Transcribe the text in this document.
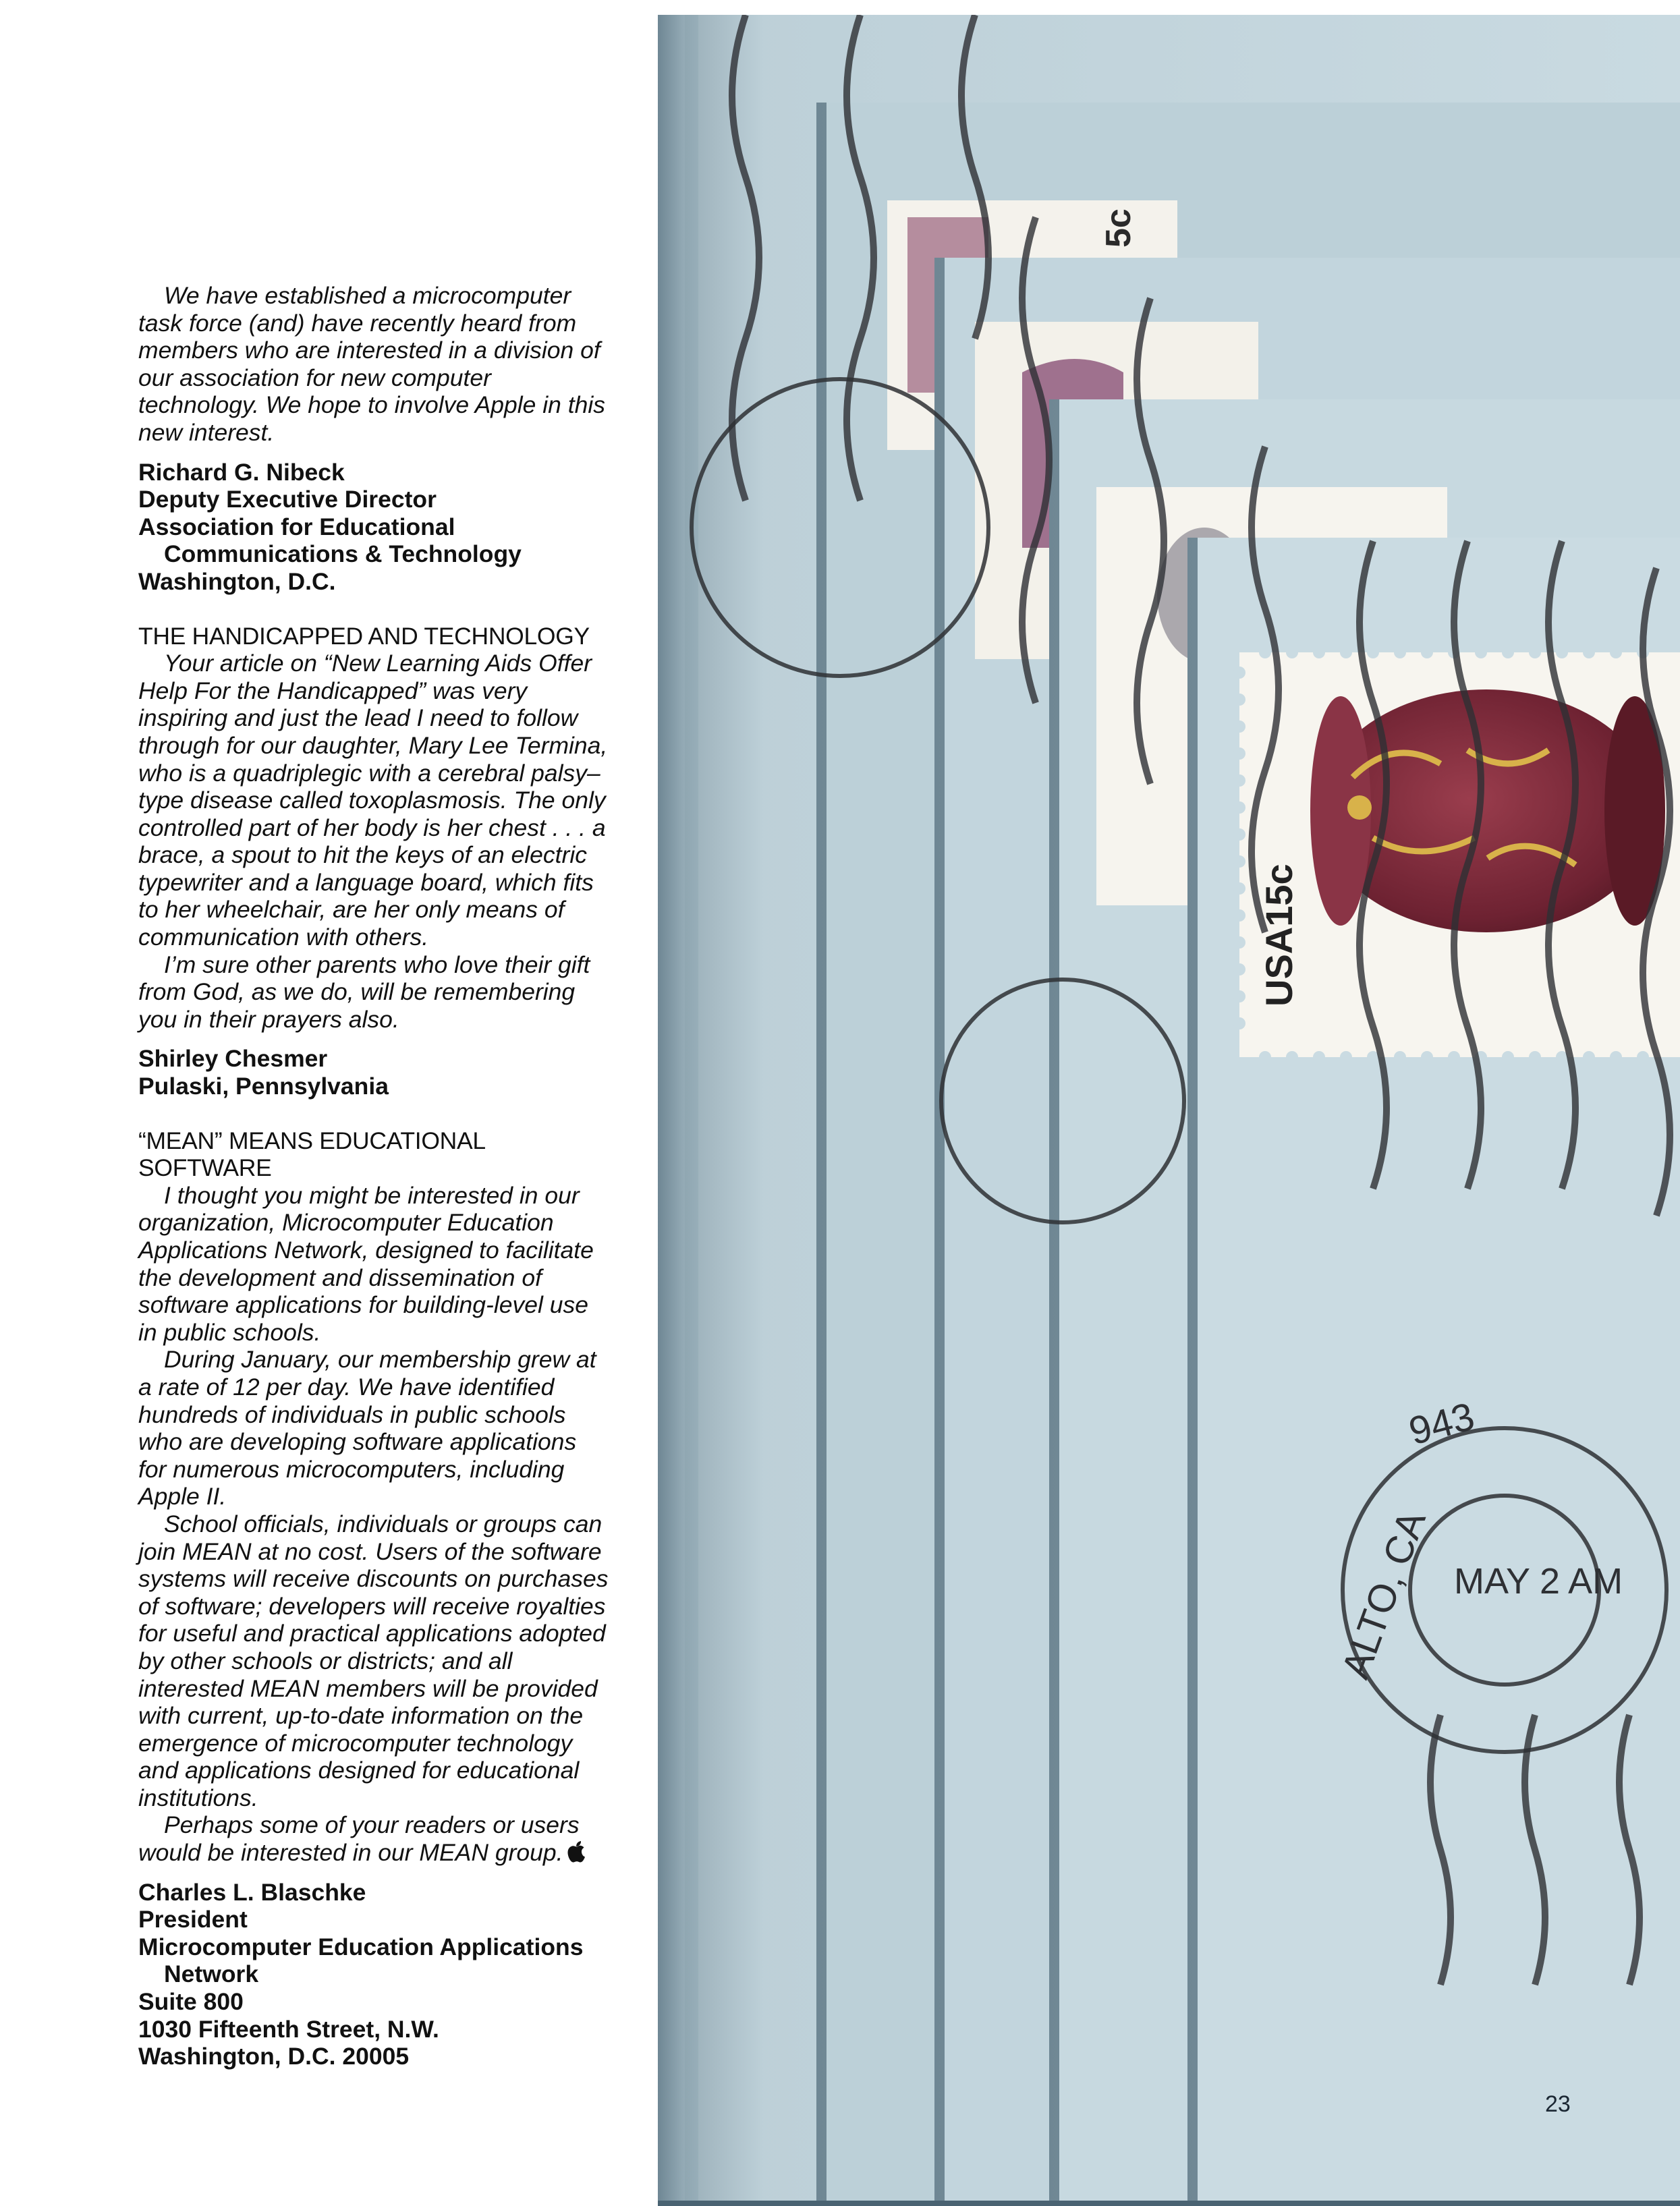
We have established a microcomputer task force (and) have recently heard from members who are interested in a division of our association for new computer technology. We hope to involve Apple in this new interest.

Richard G. Nibeck
Deputy Executive Director
Association for Educational
Communications & Technology
Washington, D.C.
THE HANDICAPPED AND TECHNOLOGY

Your article on “New Learning Aids Offer Help For the Handicapped” was very inspiring and just the lead I need to follow through for our daughter, Mary Lee Termina, who is a quadriplegic with a cerebral palsy–type disease called toxoplasmosis. The only controlled part of her body is her chest . . . a brace, a spout to hit the keys of an electric typewriter and a language board, which fits to her wheelchair, are her only means of communication with others.

I’m sure other parents who love their gift from God, as we do, will be remembering you in their prayers also.

Shirley Chesmer
Pulaski, Pennsylvania
“MEAN” MEANS EDUCATIONAL SOFTWARE

I thought you might be interested in our organization, Microcomputer Education Applications Network, designed to facilitate the development and dissemination of software applications for building-level use in public schools.

During January, our membership grew at a rate of 12 per day. We have identified hundreds of individuals in public schools who are developing software applications for numerous microcomputers, including Apple II.

School officials, individuals or groups can join MEAN at no cost. Users of the software systems will receive discounts on purchases of software; developers will receive royalties for useful and practical applications adopted by other schools or districts; and all interested MEAN members will be provided with current, up-to-date information on the emergence of microcomputer technology and applications designed for educational institutions.

Perhaps some of your readers or users would be interested in our MEAN group.

Charles L. Blaschke
President
Microcomputer Education Applications
Network
Suite 800
1030 Fifteenth Street, N.W.
Washington, D.C. 20005
5c
USA15c
943
MAY 2 AM
ALTO, CA
23
